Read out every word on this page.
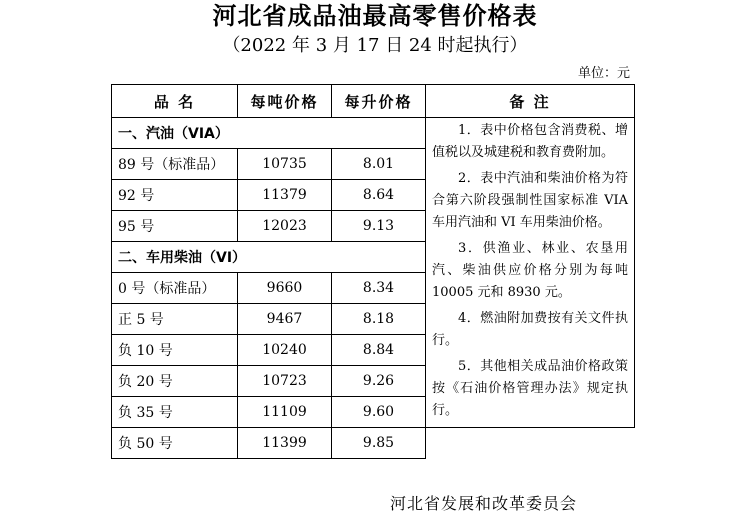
河北省成品油最高零售价格表
（2022 年 3 月 17 日 24 时起执行）
单位：元
品 名	每吨价格	每升价格	备 注
一、汽油（VIA）			1．表中价格包含消费税、增值税以及城建税和教育费附加。

2．表中汽油和柴油价格为符合第六阶段强制性国家标准 VIA 车用汽油和 VI 车用柴油价格。

3．供渔业、林业、农垦用汽、柴油供应价格分别为每吨 10005 元和 8930 元。

4．燃油附加费按有关文件执行。

5．其他相关成品油价格政策按《石油价格管理办法》规定执行。

89 号（标准品）	10735	8.01	
92 号	11379	8.64	
95 号	12023	9.13	
二、车用柴油（VI）			
0 号（标准品）	9660	8.34	
正 5 号	9467	8.18	
负 10 号	10240	8.84	
负 20 号	10723	9.26	
负 35 号	11109	9.60	
负 50 号	11399	9.85	
河北省发展和改革委员会
